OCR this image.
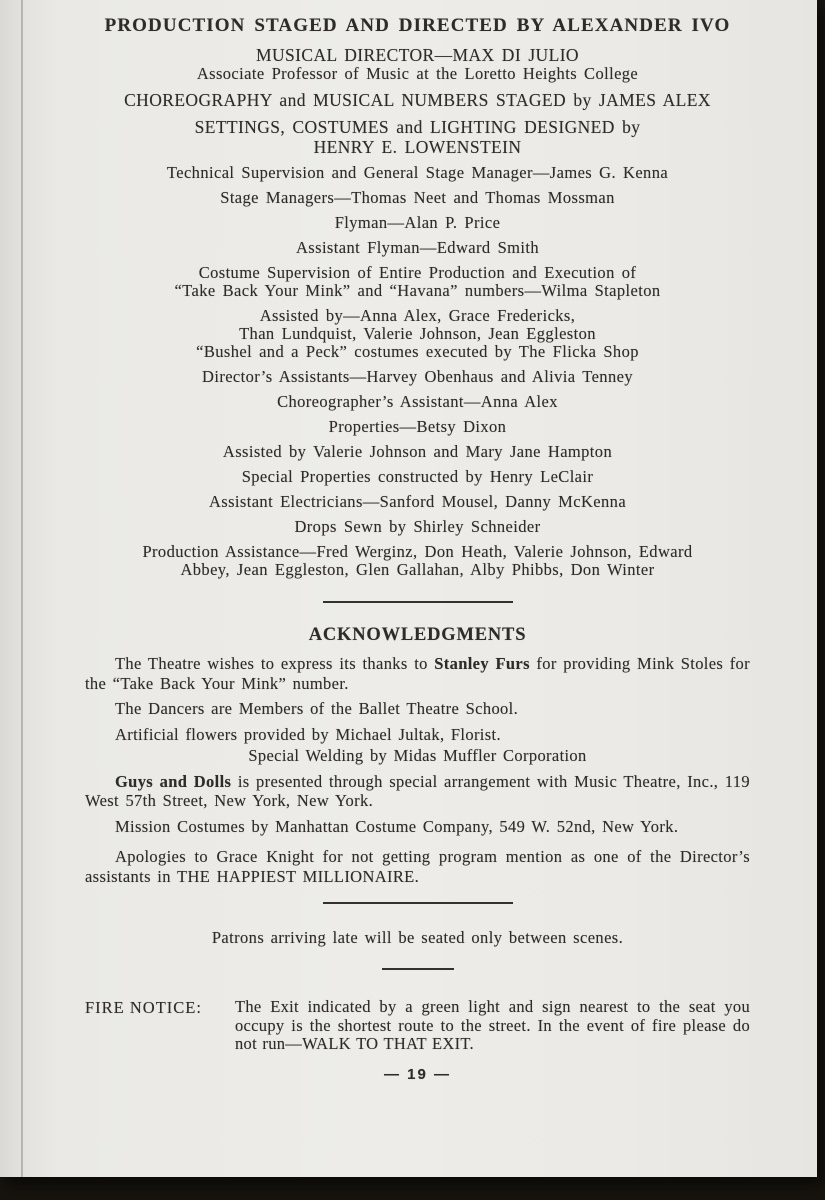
PRODUCTION STAGED AND DIRECTED BY ALEXANDER IVO
MUSICAL DIRECTOR—MAX DI JULIO
Associate Professor of Music at the Loretto Heights College
CHOREOGRAPHY and MUSICAL NUMBERS STAGED by JAMES ALEX
SETTINGS, COSTUMES and LIGHTING DESIGNED by
HENRY E. LOWENSTEIN
Technical Supervision and General Stage Manager—James G. Kenna
Stage Managers—Thomas Neet and Thomas Mossman
Flyman—Alan P. Price
Assistant Flyman—Edward Smith
Costume Supervision of Entire Production and Execution of
“Take Back Your Mink” and “Havana” numbers—Wilma Stapleton
Assisted by—Anna Alex, Grace Fredericks,
Than Lundquist, Valerie Johnson, Jean Eggleston
“Bushel and a Peck” costumes executed by The Flicka Shop
Director’s Assistants—Harvey Obenhaus and Alivia Tenney
Choreographer’s Assistant—Anna Alex
Properties—Betsy Dixon
Assisted by Valerie Johnson and Mary Jane Hampton
Special Properties constructed by Henry LeClair
Assistant Electricians—Sanford Mousel, Danny McKenna
Drops Sewn by Shirley Schneider
Production Assistance—Fred Werginz, Don Heath, Valerie Johnson, Edward
Abbey, Jean Eggleston, Glen Gallahan, Alby Phibbs, Don Winter
ACKNOWLEDGMENTS

The Theatre wishes to express its thanks to Stanley Furs for providing Mink Stoles for the “Take Back Your Mink” number.

The Dancers are Members of the Ballet Theatre School.

Artificial flowers provided by Michael Jultak, Florist.

Special Welding by Midas Muffler Corporation

Guys and Dolls is presented through special arrangement with Music Theatre, Inc., 119 West 57th Street, New York, New York.

Mission Costumes by Manhattan Costume Company, 549 W. 52nd, New York.

Apologies to Grace Knight for not getting program mention as one of the Director’s assistants in THE HAPPIEST MILLIONAIRE.

Patrons arriving late will be seated only between scenes.
FIRE NOTICE:	The Exit indicated by a green light and sign nearest to the seat you occupy is the shortest route to the street. In the event of fire please do not run—WALK TO THAT EXIT.
— 19 —
